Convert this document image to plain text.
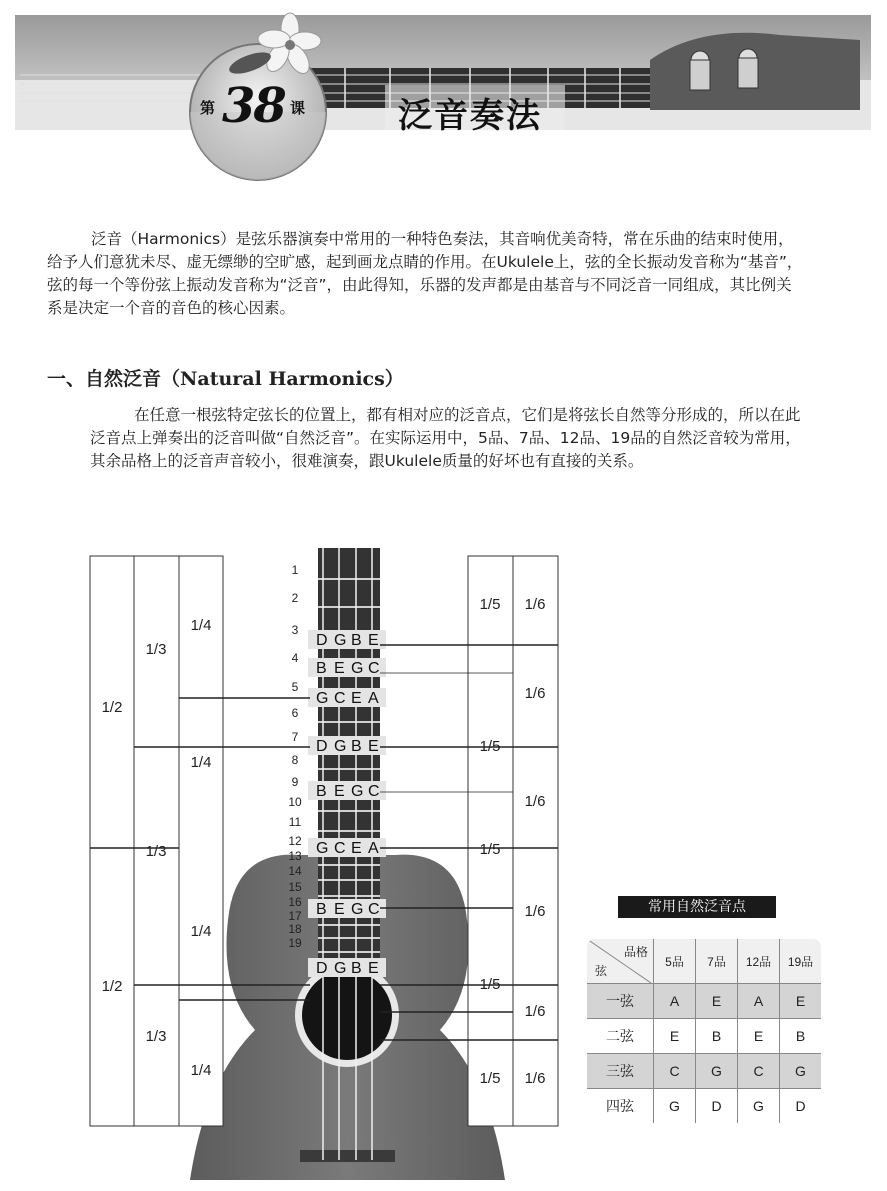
第 38 课	泛音奏法

泛音（Harmonics）是弦乐器演奏中常用的一种特色奏法，其音响优美奇特，常在乐曲的结束时使用，给予人们意犹未尽、虚无缥缈的空旷感，起到画龙点睛的作用。在Ukulele上，弦的全长振动发音称为“基音”，弦的每一个等份弦上振动发音称为“泛音”，由此得知，乐器的发声都是由基音与不同泛音一同组成，其比例关系是决定一个音的音色的核心因素。

一、自然泛音（Natural Harmonics）

在任意一根弦特定弦长的位置上，都有相对应的泛音点，它们是将弦长自然等分形成的，所以在此泛音点上弹奏出的泛音叫做“自然泛音”。在实际运用中，5品、7品、12品、19品的自然泛音较为常用，其余品格上的泛音声音较小，很难演奏，跟Ukulele质量的好坏也有直接的关系。

1
2
3
4
5
6
7
8
9
10
11
12
13
14
15
16
17
18
19
D G B E
B E G C
G C E A
D G B E
B E G C
G C E A
B E G C
D G B E
1/2
1/2
1/3
1/3
1/3
1/4
1/4
1/4
1/4
1/5
1/5
1/5
1/5
1/5
1/6
1/6
1/6
1/6
1/6
1/6
常用自然泛音点
品格
弦	5品	7品	12品	19品
一弦	A	E	A	E
二弦	E	B	E	B
三弦	C	G	C	G
四弦	G	D	G	D
